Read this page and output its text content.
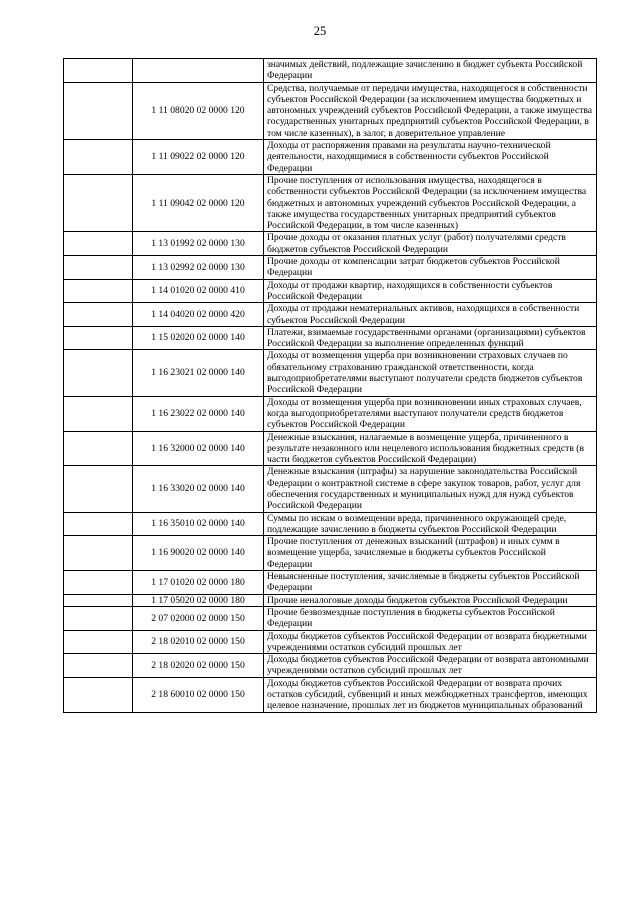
25
		значимых действий, подлежащие зачислению в бюджет субъекта Российской Федерации
	1 11 08020 02 0000 120	Средства, получаемые от передачи имущества, находящегося в собственности субъектов Российской Федерации (за исключением имущества бюджетных и автономных учреждений субъектов Российской Федерации, а также имущества государственных унитарных предприятий субъектов Российской Федерации, в том числе казенных), в залог, в доверительное управление
	1 11 09022 02 0000 120	Доходы от распоряжения правами на результаты научно-технической деятельности, находящимися в собственности субъектов Российской Федерации
	1 11 09042 02 0000 120	Прочие поступления от использования имущества, находящегося в собственности субъектов Российской Федерации (за исключением имущества бюджетных и автономных учреждений субъектов Российской Федерации, а также имущества государственных унитарных предприятий субъектов Российской Федерации, в том числе казенных)
	1 13 01992 02 0000 130	Прочие доходы от оказания платных услуг (работ) получателями средств бюджетов субъектов Российской Федерации
	1 13 02992 02 0000 130	Прочие доходы от компенсации затрат бюджетов субъектов Российской Федерации
	1 14 01020 02 0000 410	Доходы от продажи квартир, находящихся в собственности субъектов Российской Федерации
	1 14 04020 02 0000 420	Доходы от продажи нематериальных активов, находящихся в собственности субъектов Российской Федерации
	1 15 02020 02 0000 140	Платежи, взимаемые государственными органами (организациями) субъектов Российской Федерации за выполнение определенных функций
	1 16 23021 02 0000 140	Доходы от возмещения ущерба при возникновении страховых случаев по обязательному страхованию гражданской ответственности, когда выгодоприобретателями выступают получатели средств бюджетов субъектов Российской Федерации
	1 16 23022 02 0000 140	Доходы от возмещения ущерба при возникновении иных страховых случаев, когда выгодоприобретателями выступают получатели средств бюджетов субъектов Российской Федерации
	1 16 32000 02 0000 140	Денежные взыскания, налагаемые в возмещение ущерба, причиненного в результате незаконного или нецелевого использования бюджетных средств (в части бюджетов субъектов Российской Федерации)
	1 16 33020 02 0000 140	Денежные взыскания (штрафы) за нарушение законодательства Российской Федерации о контрактной системе в сфере закупок товаров, работ, услуг для обеспечения государственных и муниципальных нужд для нужд субъектов Российской Федерации
	1 16 35010 02 0000 140	Суммы по искам о возмещении вреда, причиненного окружающей среде, подлежащие зачислению в бюджеты субъектов Российской Федерации
	1 16 90020 02 0000 140	Прочие поступления от денежных взысканий (штрафов) и иных сумм в возмещение ущерба, зачисляемые в бюджеты субъектов Российской Федерации
	1 17 01020 02 0000 180	Невыясненные поступления, зачисляемые в бюджеты субъектов Российской Федерации
	1 17 05020 02 0000 180	Прочие неналоговые доходы бюджетов субъектов Российской Федерации
	2 07 02000 02 0000 150	Прочие безвозмездные поступления в бюджеты субъектов Российской Федерации
	2 18 02010 02 0000 150	Доходы бюджетов субъектов Российской Федерации от возврата бюджетными учреждениями остатков субсидий прошлых лет
	2 18 02020 02 0000 150	Доходы бюджетов субъектов Российской Федерации от возврата автономными учреждениями остатков субсидий прошлых лет
	2 18 60010 02 0000 150	Доходы бюджетов субъектов Российской Федерации от возврата прочих остатков субсидий, субвенций и иных межбюджетных трансфертов, имеющих целевое назначение, прошлых лет из бюджетов муниципальных образований
